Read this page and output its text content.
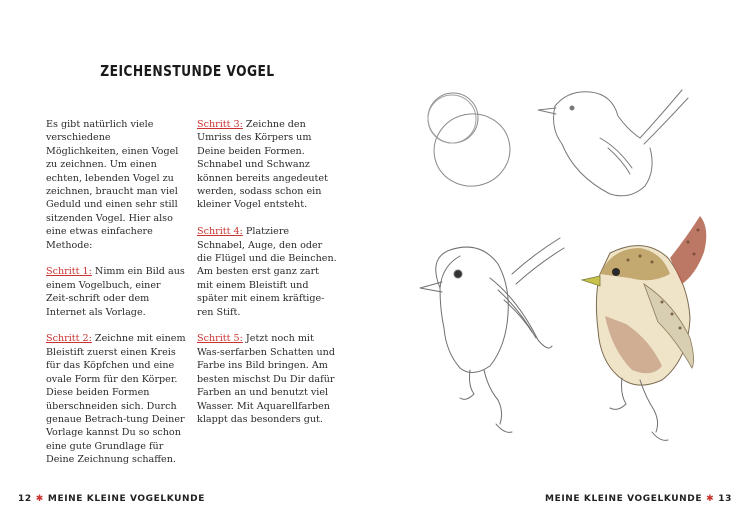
ZEICHENSTUNDE VOGEL

Es gibt natürlich viele verschiedene Möglichkeiten, einen Vogel zu zeichnen. Um einen echten, lebenden Vogel zu zeichnen, braucht man viel Geduld und einen sehr still sitzenden Vogel. Hier also eine etwas einfachere Methode:

Schritt 1: Nimm ein Bild aus einem Vogelbuch, einer Zeit-schrift oder dem Internet als Vorlage.

Schritt 2: Zeichne mit einem Bleistift zuerst einen Kreis für das Köpfchen und eine ovale Form für den Körper. Diese beiden Formen überschneiden sich. Durch genaue Betrach-tung Deiner Vorlage kannst Du so schon eine gute Grundlage für Deine Zeichnung schaffen.

Schritt 3: Zeichne den Umriss des Körpers um Deine beiden Formen. Schnabel und Schwanz können bereits angedeutet werden, sodass schon ein kleiner Vogel entsteht.

Schritt 4: Platziere Schnabel, Auge, den oder die Flügel und die Beinchen. Am besten erst ganz zart mit einem Bleistift und später mit einem kräftige-ren Stift.

Schritt 5: Jetzt noch mit Was-serfarben Schatten und Farbe ins Bild bringen. Am besten mischst Du Dir dafür Farben an und benutzt viel Wasser. Mit Aquarellfarben klappt das besonders gut.

12 ✱ MEINE KLEINE VOGELKUNDE	MEINE KLEINE VOGELKUNDE ✱ 13
